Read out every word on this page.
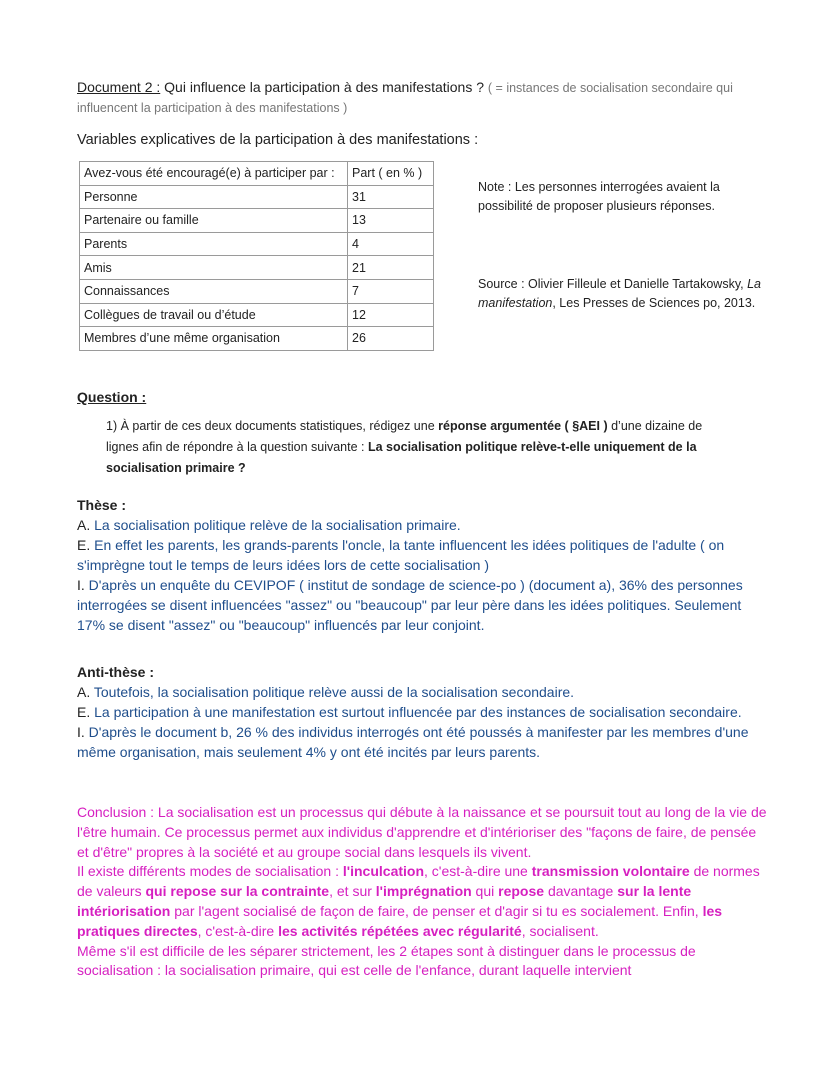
Document 2 : Qui influence la participation à des manifestations ? ( = instances de socialisation secondaire qui influencent la participation à des manifestations )
Variables explicatives de la participation à des manifestations :
Avez-vous été encouragé(e) à participer par :	Part ( en % )
Personne	31
Partenaire ou famille	13
Parents	4
Amis	21
Connaissances	7
Collègues de travail ou d’étude	12
Membres d’une même organisation	26
Note : Les personnes interrogées avaient la possibilité de proposer plusieurs réponses.
Source : Olivier Filleule et Danielle Tartakowsky, La manifestation, Les Presses de Sciences po, 2013.
Question :
1) À partir de ces deux documents statistiques, rédigez une réponse argumentée ( §AEI ) d’une dizaine de lignes afin de répondre à la question suivante : La socialisation politique relève-t-elle uniquement de la socialisation primaire ?
Thèse :
A. La socialisation politique relève de la socialisation primaire.
E. En effet les parents, les grands-parents l'oncle, la tante influencent les idées politiques de l'adulte ( on s'imprègne tout le temps de leurs idées lors de cette socialisation )
I. D'après un enquête du CEVIPOF ( institut de sondage de science-po ) (document a), 36% des personnes interrogées se disent influencées "assez" ou "beaucoup" par leur père dans les idées politiques. Seulement 17% se disent "assez" ou "beaucoup" influencés par leur conjoint.
Anti-thèse :
A. Toutefois, la socialisation politique relève aussi de la socialisation secondaire.
E. La participation à une manifestation est surtout influencée par des instances de socialisation secondaire.
I. D'après le document b, 26 % des individus interrogés ont été poussés à manifester par les membres d'une même organisation, mais seulement 4% y ont été incités par leurs parents.
Conclusion : La socialisation est un processus qui débute à la naissance et se poursuit tout au long de la vie de l'être humain. Ce processus permet aux individus d'apprendre et d'intérioriser des "façons de faire, de pensée et d'être" propres à la société et au groupe social dans lesquels ils vivent.
Il existe différents modes de socialisation : l'inculcation, c'est-à-dire une transmission volontaire de normes de valeurs qui repose sur la contrainte, et sur l'imprégnation qui repose davantage sur la lente intériorisation par l'agent socialisé de façon de faire, de penser et d'agir si tu es socialement. Enfin, les pratiques directes, c'est-à-dire les activités répétées avec régularité, socialisent.
Même s'il est difficile de les séparer strictement, les 2 étapes sont à distinguer dans le processus de socialisation : la socialisation primaire, qui est celle de l'enfance, durant laquelle intervient
